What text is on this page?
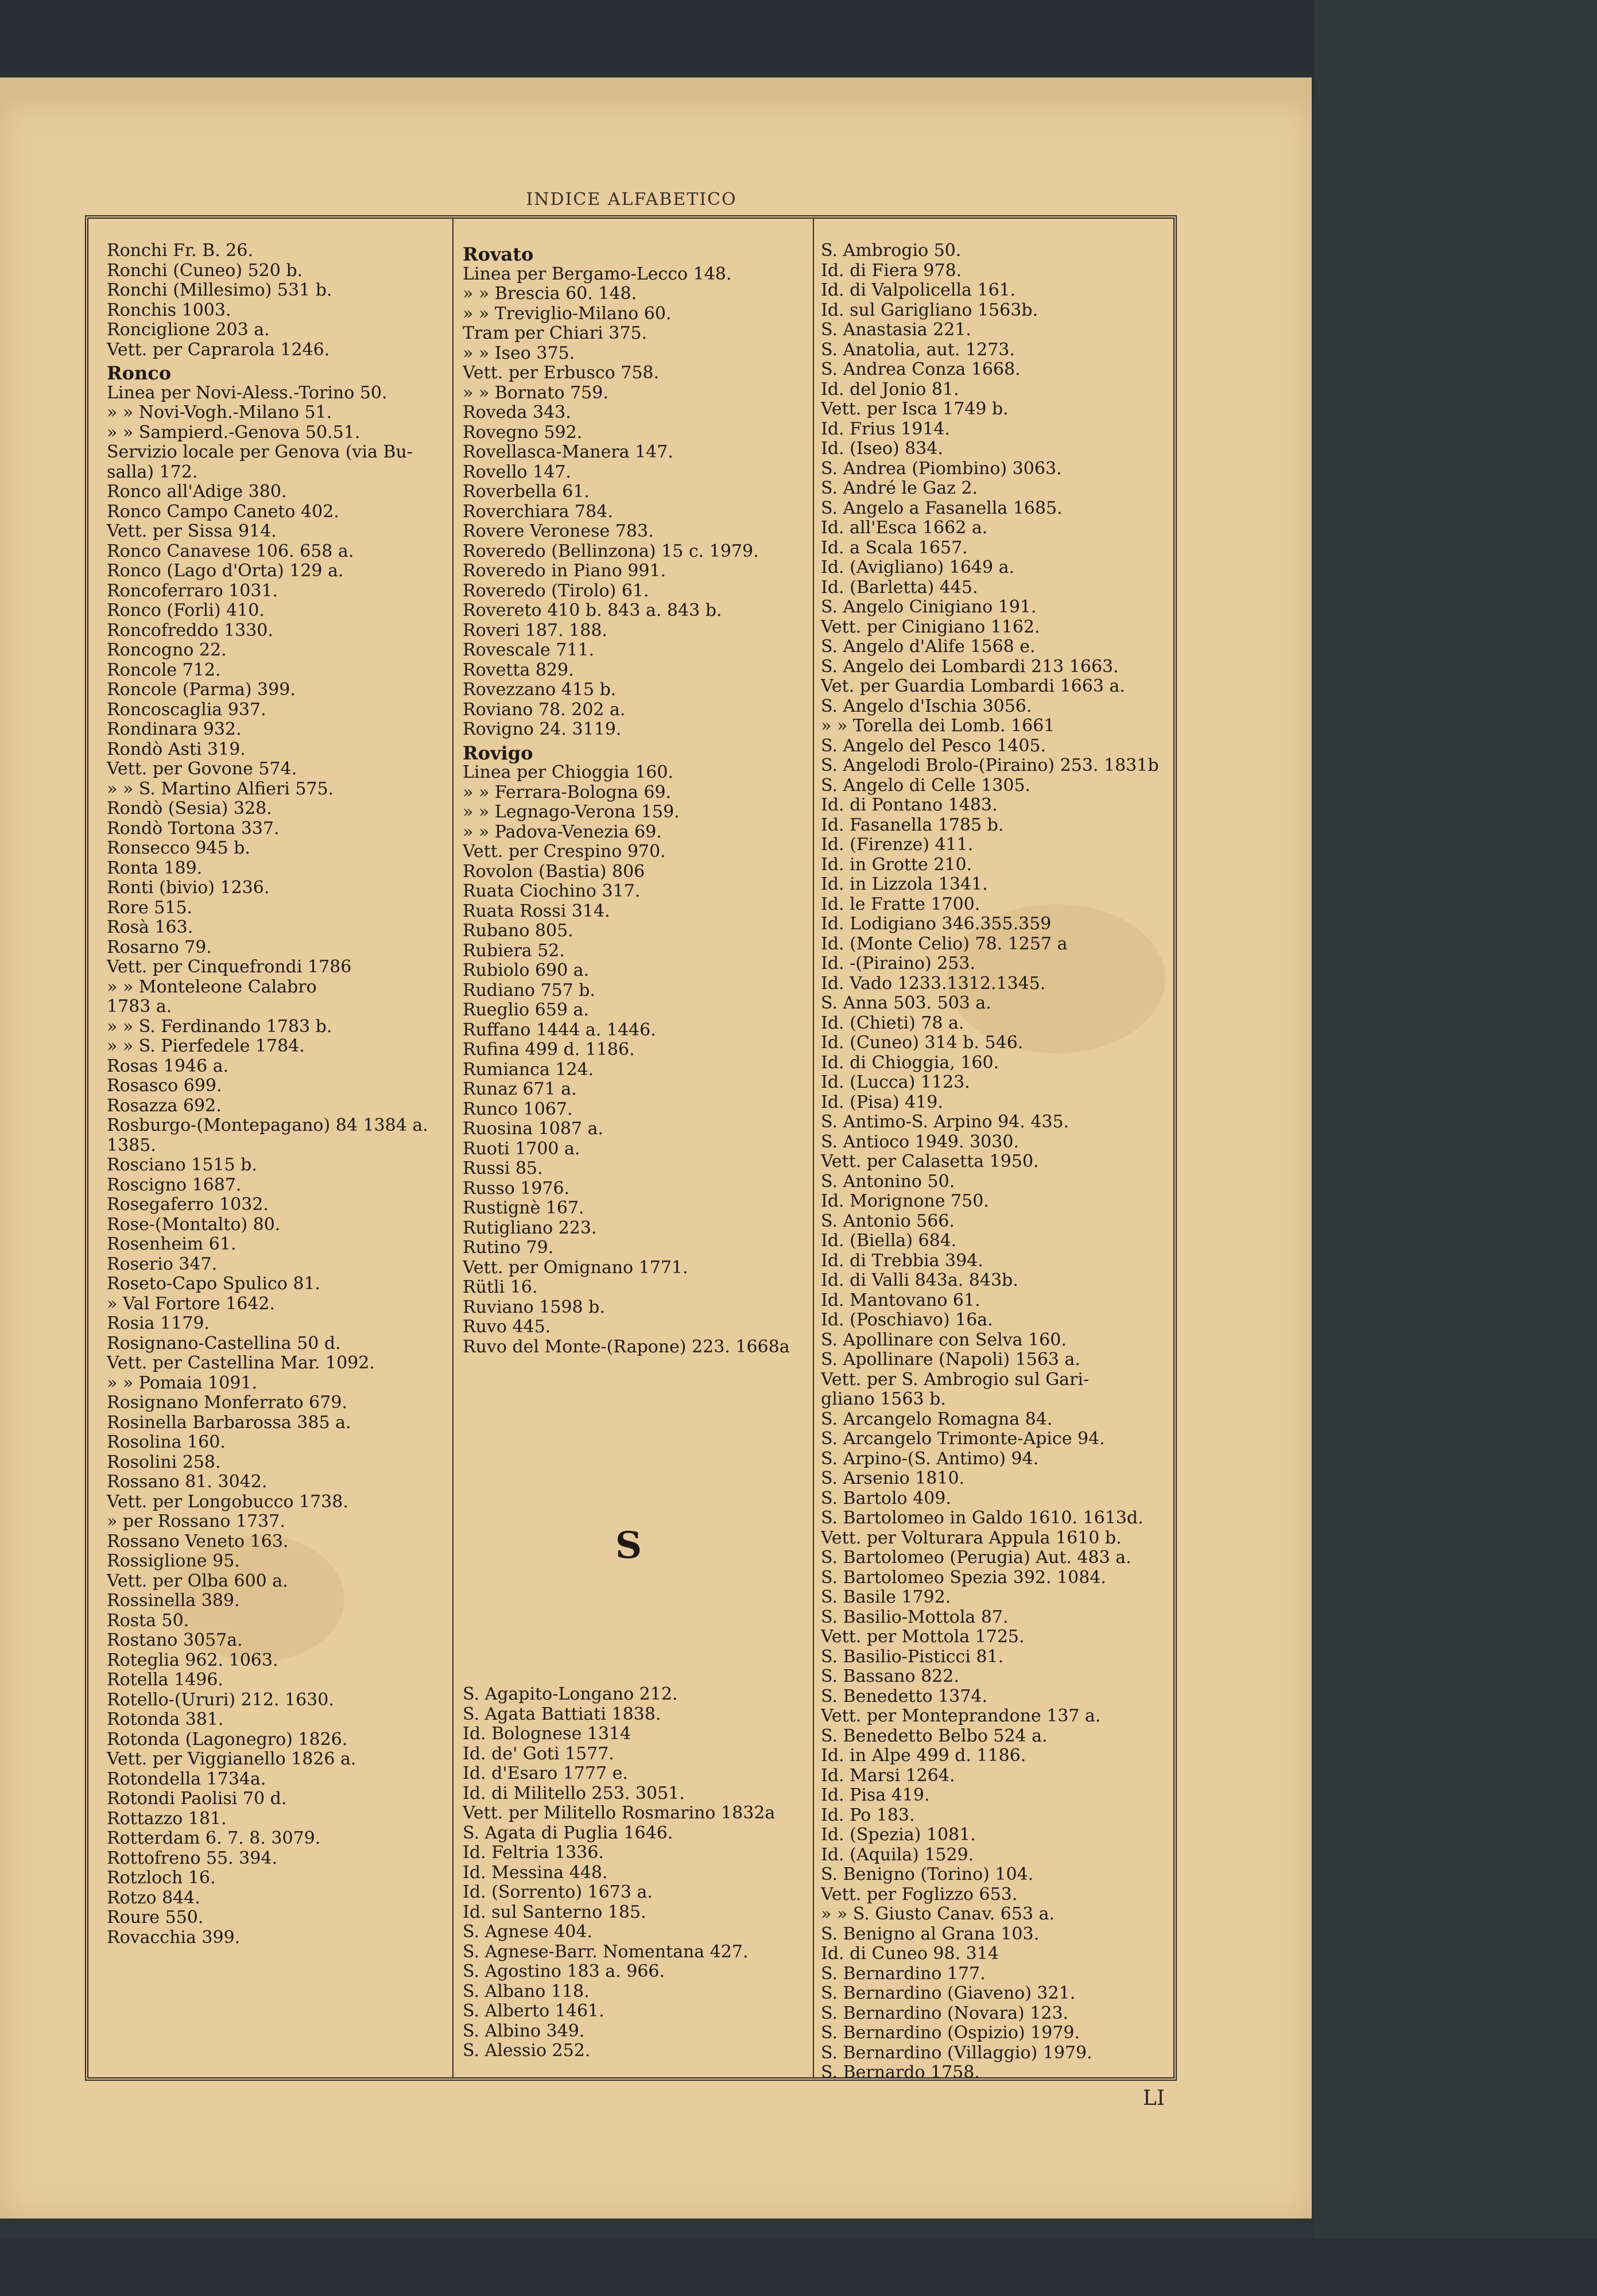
INDICE ALFABETICO
Ronchi Fr. B. 26.
Ronchi (Cuneo) 520 b.
Ronchi (Millesimo) 531 b.
Ronchis 1003.
Ronciglione 203 a.
Vett. per Caprarola 1246.
Ronco
Linea per Novi-Aless.-Torino 50.
» » Novi-Vogh.-Milano 51.
» » Sampierd.-Genova 50.51.
Servizio locale per Genova (via Bu-
salla) 172.
Ronco all'Adige 380.
Ronco Campo Caneto 402.
Vett. per Sissa 914.
Ronco Canavese 106. 658 a.
Ronco (Lago d'Orta) 129 a.
Roncoferraro 1031.
Ronco (Forli) 410.
Roncofreddo 1330.
Roncogno 22.
Roncole 712.
Roncole (Parma) 399.
Roncoscaglia 937.
Rondinara 932.
Rondò Asti 319.
Vett. per Govone 574.
» » S. Martino Alfieri 575.
Rondò (Sesia) 328.
Rondò Tortona 337.
Ronsecco 945 b.
Ronta 189.
Ronti (bivio) 1236.
Rore 515.
Rosà 163.
Rosarno 79.
Vett. per Cinquefrondi 1786
» » Monteleone Calabro
1783 a.
» » S. Ferdinando 1783 b.
» » S. Pierfedele 1784.
Rosas 1946 a.
Rosasco 699.
Rosazza 692.
Rosburgo-(Montepagano) 84 1384 a.
1385.
Rosciano 1515 b.
Roscigno 1687.
Rosegaferro 1032.
Rose-(Montalto) 80.
Rosenheim 61.
Roserio 347.
Roseto-Capo Spulico 81.
» Val Fortore 1642.
Rosia 1179.
Rosignano-Castellina 50 d.
Vett. per Castellina Mar. 1092.
» » Pomaia 1091.
Rosignano Monferrato 679.
Rosinella Barbarossa 385 a.
Rosolina 160.
Rosolini 258.
Rossano 81. 3042.
Vett. per Longobucco 1738.
» per Rossano 1737.
Rossano Veneto 163.
Rossiglione 95.
Vett. per Olba 600 a.
Rossinella 389.
Rosta 50.
Rostano 3057a.
Roteglia 962. 1063.
Rotella 1496.
Rotello-(Ururi) 212. 1630.
Rotonda 381.
Rotonda (Lagonegro) 1826.
Vett. per Viggianello 1826 a.
Rotondella 1734a.
Rotondi Paolisi 70 d.
Rottazzo 181.
Rotterdam 6. 7. 8. 3079.
Rottofreno 55. 394.
Rotzloch 16.
Rotzo 844.
Roure 550.
Rovacchia 399.
Rovato
Linea per Bergamo-Lecco 148.
» » Brescia 60. 148.
» » Treviglio-Milano 60.
Tram per Chiari 375.
» » Iseo 375.
Vett. per Erbusco 758.
» » Bornato 759.
Roveda 343.
Rovegno 592.
Rovellasca-Manera 147.
Rovello 147.
Roverbella 61.
Roverchiara 784.
Rovere Veronese 783.
Roveredo (Bellinzona) 15 c. 1979.
Roveredo in Piano 991.
Roveredo (Tirolo) 61.
Rovereto 410 b. 843 a. 843 b.
Roveri 187. 188.
Rovescale 711.
Rovetta 829.
Rovezzano 415 b.
Roviano 78. 202 a.
Rovigno 24. 3119.
Rovigo
Linea per Chioggia 160.
» » Ferrara-Bologna 69.
» » Legnago-Verona 159.
» » Padova-Venezia 69.
Vett. per Crespino 970.
Rovolon (Bastia) 806
Ruata Ciochino 317.
Ruata Rossi 314.
Rubano 805.
Rubiera 52.
Rubiolo 690 a.
Rudiano 757 b.
Rueglio 659 a.
Ruffano 1444 a. 1446.
Rufina 499 d. 1186.
Rumianca 124.
Runaz 671 a.
Runco 1067.
Ruosina 1087 a.
Ruoti 1700 a.
Russi 85.
Russo 1976.
Rustignè 167.
Rutigliano 223.
Rutino 79.
Vett. per Omignano 1771.
Rütli 16.
Ruviano 1598 b.
Ruvo 445.
Ruvo del Monte-(Rapone) 223. 1668a
S
S. Agapito-Longano 212.
S. Agata Battiati 1838.
Id. Bolognese 1314
Id. de' Goti 1577.
Id. d'Esaro 1777 e.
Id. di Militello 253. 3051.
Vett. per Militello Rosmarino 1832a
S. Agata di Puglia 1646.
Id. Feltria 1336.
Id. Messina 448.
Id. (Sorrento) 1673 a.
Id. sul Santerno 185.
S. Agnese 404.
S. Agnese-Barr. Nomentana 427.
S. Agostino 183 a. 966.
S. Albano 118.
S. Alberto 1461.
S. Albino 349.
S. Alessio 252.
S. Ambrogio 50.
Id. di Fiera 978.
Id. di Valpolicella 161.
Id. sul Garigliano 1563b.
S. Anastasia 221.
S. Anatolia, aut. 1273.
S. Andrea Conza 1668.
Id. del Jonio 81.
Vett. per Isca 1749 b.
Id. Frius 1914.
Id. (Iseo) 834.
S. Andrea (Piombino) 3063.
S. André le Gaz 2.
S. Angelo a Fasanella 1685.
Id. all'Esca 1662 a.
Id. a Scala 1657.
Id. (Avigliano) 1649 a.
Id. (Barletta) 445.
S. Angelo Cinigiano 191.
Vett. per Cinigiano 1162.
S. Angelo d'Alife 1568 e.
S. Angelo dei Lombardi 213 1663.
Vet. per Guardia Lombardi 1663 a.
S. Angelo d'Ischia 3056.
» » Torella dei Lomb. 1661
S. Angelo del Pesco 1405.
S. Angelodi Brolo-(Piraino) 253. 1831b
S. Angelo di Celle 1305.
Id. di Pontano 1483.
Id. Fasanella 1785 b.
Id. (Firenze) 411.
Id. in Grotte 210.
Id. in Lizzola 1341.
Id. le Fratte 1700.
Id. Lodigiano 346.355.359
Id. (Monte Celio) 78. 1257 a
Id. -(Piraino) 253.
Id. Vado 1233.1312.1345.
S. Anna 503. 503 a.
Id. (Chieti) 78 a.
Id. (Cuneo) 314 b. 546.
Id. di Chioggia, 160.
Id. (Lucca) 1123.
Id. (Pisa) 419.
S. Antimo-S. Arpino 94. 435.
S. Antioco 1949. 3030.
Vett. per Calasetta 1950.
S. Antonino 50.
Id. Morignone 750.
S. Antonio 566.
Id. (Biella) 684.
Id. di Trebbia 394.
Id. di Valli 843a. 843b.
Id. Mantovano 61.
Id. (Poschiavo) 16a.
S. Apollinare con Selva 160.
S. Apollinare (Napoli) 1563 a.
Vett. per S. Ambrogio sul Gari-
gliano 1563 b.
S. Arcangelo Romagna 84.
S. Arcangelo Trimonte-Apice 94.
S. Arpino-(S. Antimo) 94.
S. Arsenio 1810.
S. Bartolo 409.
S. Bartolomeo in Galdo 1610. 1613d.
Vett. per Volturara Appula 1610 b.
S. Bartolomeo (Perugia) Aut. 483 a.
S. Bartolomeo Spezia 392. 1084.
S. Basile 1792.
S. Basilio-Mottola 87.
Vett. per Mottola 1725.
S. Basilio-Pisticci 81.
S. Bassano 822.
S. Benedetto 1374.
Vett. per Monteprandone 137 a.
S. Benedetto Belbo 524 a.
Id. in Alpe 499 d. 1186.
Id. Marsi 1264.
Id. Pisa 419.
Id. Po 183.
Id. (Spezia) 1081.
Id. (Aquila) 1529.
S. Benigno (Torino) 104.
Vett. per Foglizzo 653.
» » S. Giusto Canav. 653 a.
S. Benigno al Grana 103.
Id. di Cuneo 98. 314
S. Bernardino 177.
S. Bernardino (Giaveno) 321.
S. Bernardino (Novara) 123.
S. Bernardino (Ospizio) 1979.
S. Bernardino (Villaggio) 1979.
S. Bernardo 1758.
LI
